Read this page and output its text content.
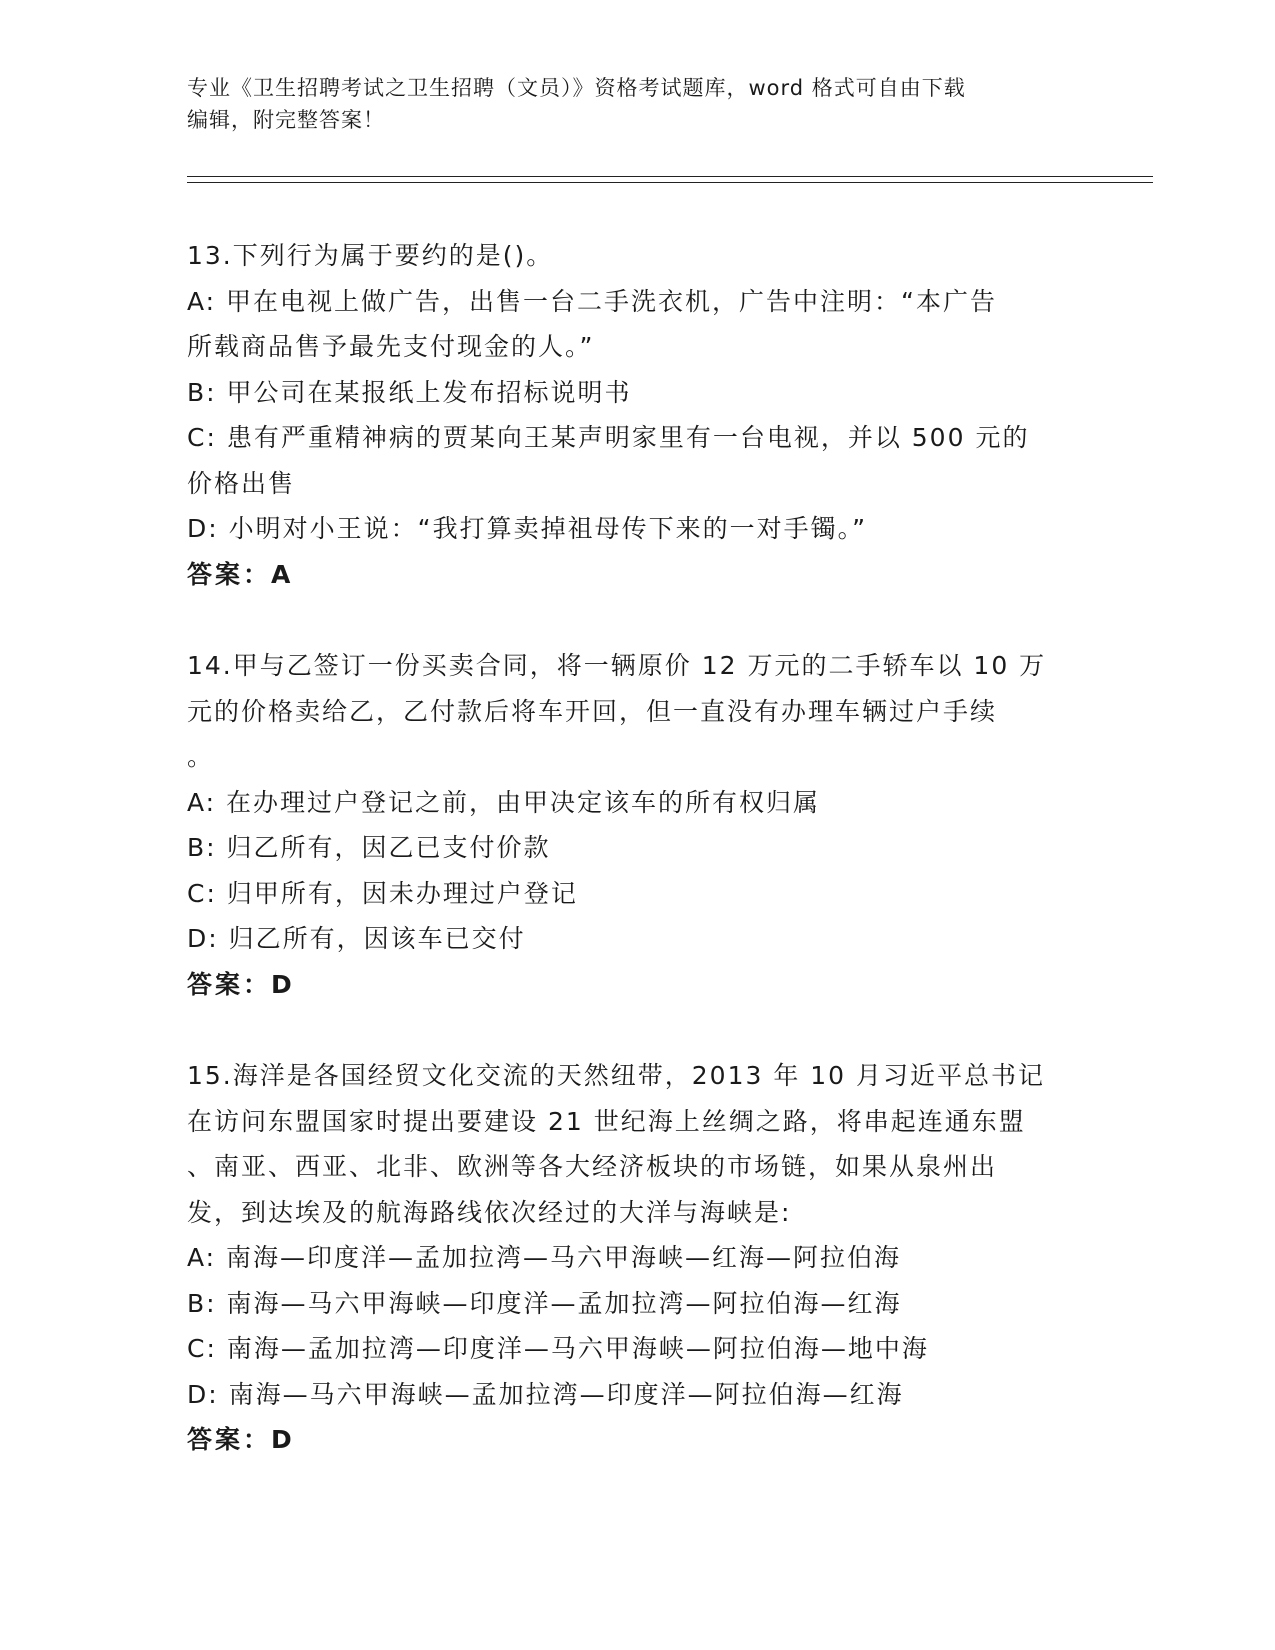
专业《卫生招聘考试之卫生招聘（文员）》资格考试题库，word 格式可自由下载
编辑，附完整答案！
13.下列行为属于要约的是()。
A: 甲在电视上做广告，出售一台二手洗衣机，广告中注明：“本广告
所载商品售予最先支付现金的人。”
B: 甲公司在某报纸上发布招标说明书
C: 患有严重精神病的贾某向王某声明家里有一台电视，并以 500 元的
价格出售
D: 小明对小王说：“我打算卖掉祖母传下来的一对手镯。”
答案：A
14.甲与乙签订一份买卖合同，将一辆原价 12 万元的二手轿车以 10 万
元的价格卖给乙，乙付款后将车开回，但一直没有办理车辆过户手续
。
A: 在办理过户登记之前，由甲决定该车的所有权归属
B: 归乙所有，因乙已支付价款
C: 归甲所有，因未办理过户登记
D: 归乙所有，因该车已交付
答案：D
15.海洋是各国经贸文化交流的天然纽带，2013 年 10 月习近平总书记
在访问东盟国家时提出要建设 21 世纪海上丝绸之路，将串起连通东盟
、南亚、西亚、北非、欧洲等各大经济板块的市场链，如果从泉州出
发，到达埃及的航海路线依次经过的大洋与海峡是:
A: 南海—印度洋—孟加拉湾—马六甲海峡—红海—阿拉伯海
B: 南海—马六甲海峡—印度洋—孟加拉湾—阿拉伯海—红海
C: 南海—孟加拉湾—印度洋—马六甲海峡—阿拉伯海—地中海
D: 南海—马六甲海峡—孟加拉湾—印度洋—阿拉伯海—红海
答案：D
